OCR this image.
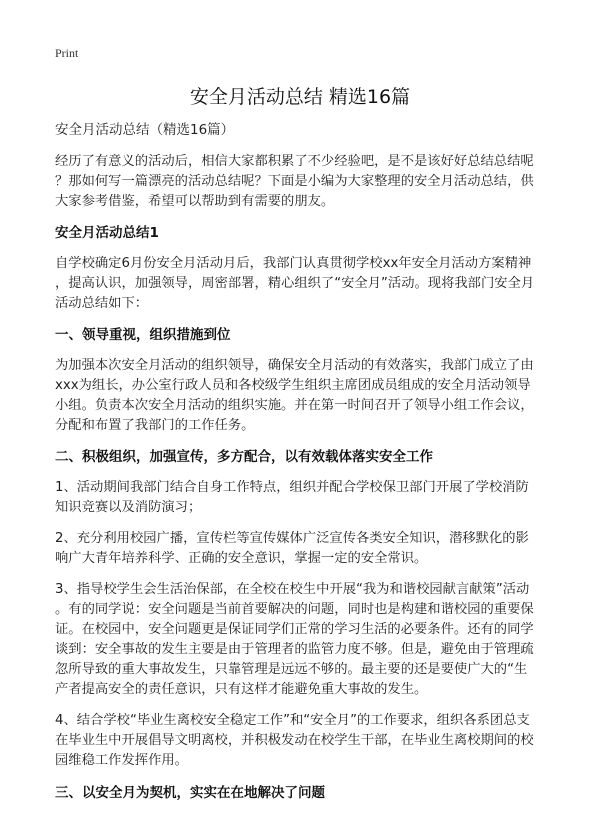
Print
安全月活动总结 精选16篇
安全月活动总结（精选16篇）
经历了有意义的活动后，相信大家都积累了不少经验吧，是不是该好好总结总结呢
？那如何写一篇漂亮的活动总结呢？下面是小编为大家整理的安全月活动总结，供
大家参考借鉴，希望可以帮助到有需要的朋友。
安全月活动总结1
自学校确定6月份安全月活动月后，我部门认真贯彻学校xx年安全月活动方案精神
，提高认识，加强领导，周密部署，精心组织了“安全月”活动。现将我部门安全月
活动总结如下：
一、领导重视，组织措施到位
为加强本次安全月活动的组织领导，确保安全月活动的有效落实，我部门成立了由
xxx为组长，办公室行政人员和各校级学生组织主席团成员组成的安全月活动领导
小组。负责本次安全月活动的组织实施。并在第一时间召开了领导小组工作会议，
分配和布置了我部门的工作任务。
二、积极组织，加强宣传，多方配合，以有效载体落实安全工作
1、活动期间我部门结合自身工作特点，组织并配合学校保卫部门开展了学校消防
知识竞赛以及消防演习；
2、充分利用校园广播，宣传栏等宣传媒体广泛宣传各类安全知识，潜移默化的影
响广大青年培养科学、正确的安全意识，掌握一定的安全常识。
3、指导校学生会生活治保部，在全校在校生中开展“我为和谐校园献言献策”活动
。有的同学说：安全问题是当前首要解决的问题，同时也是构建和谐校园的重要保
证。在校园中，安全问题更是保证同学们正常的学习生活的必要条件。还有的同学
谈到：安全事故的发生主要是由于管理者的监管力度不够。但是，避免由于管理疏
忽所导致的重大事故发生，只靠管理是远远不够的。最主要的还是要使广大的“生
产者提高安全的责任意识，只有这样才能避免重大事故的发生。
4、结合学校“毕业生离校安全稳定工作”和“安全月”的工作要求，组织各系团总支
在毕业生中开展倡导文明离校，并积极发动在校学生干部，在毕业生离校期间的校
园维稳工作发挥作用。
三、以安全月为契机，实实在在地解决了问题
